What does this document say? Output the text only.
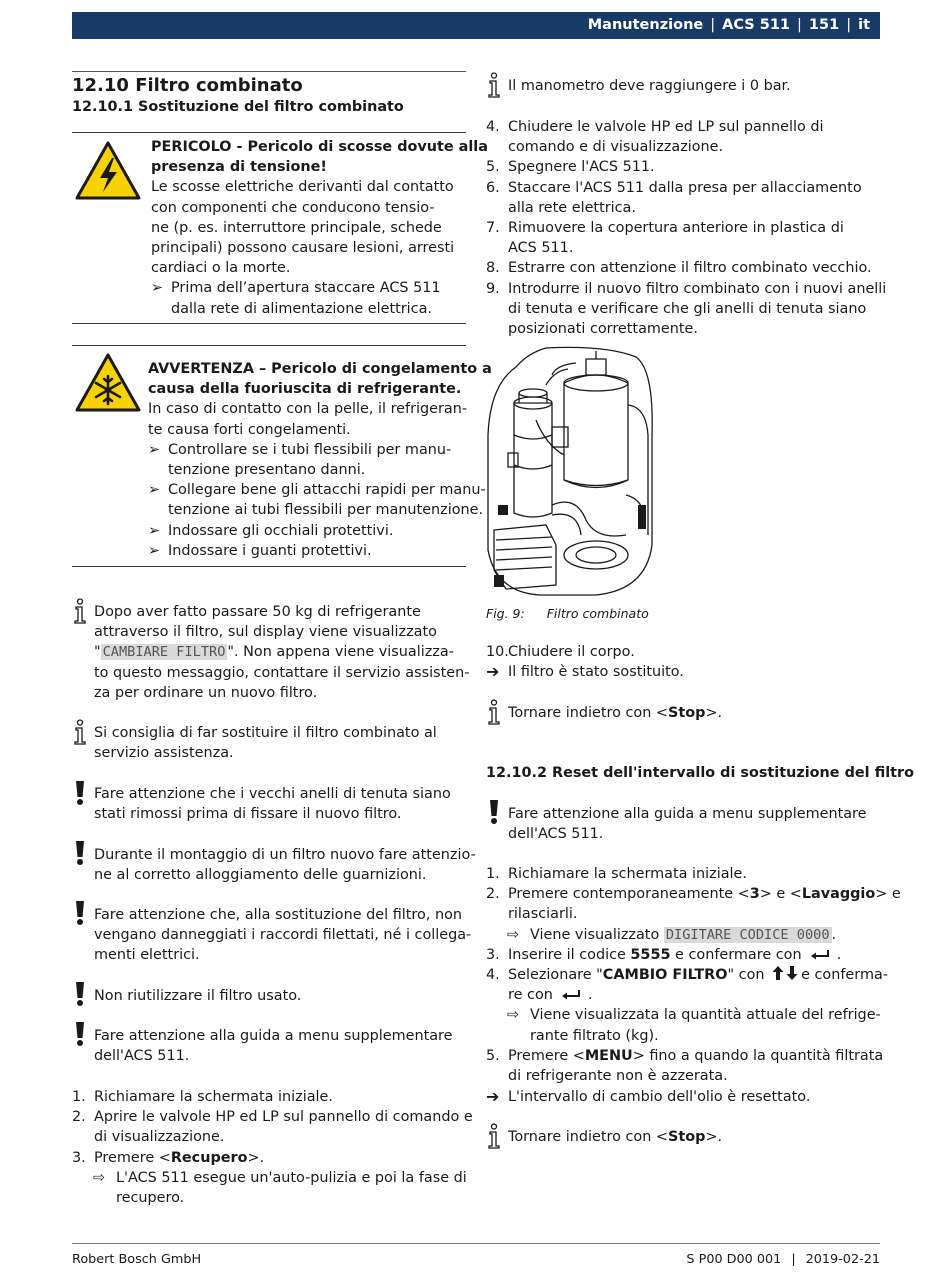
Manutenzione | ACS 511 | 151 | it
12.10 Filtro combinato
12.10.1 Sostituzione del filtro combinato
PERICOLO - Pericolo di scosse dovute alla
presenza di tensione!
Le scosse elettriche derivanti dal contatto
con componenti che conducono tensio-
ne (p. es. interruttore principale, schede
principali) possono causare lesioni, arresti
cardiaci o la morte.
➢ Prima dell’apertura staccare ACS 511
dalla rete di alimentazione elettrica.
AVVERTENZA – Pericolo di congelamento a
causa della fuoriuscita di refrigerante.
In caso di contatto con la pelle, il refrigeran-
te causa forti congelamenti.
➢ Controllare se i tubi flessibili per manu-
tenzione presentano danni.
➢ Collegare bene gli attacchi rapidi per manu-
tenzione ai tubi flessibili per manutenzione.
➢ Indossare gli occhiali protettivi.
➢ Indossare i guanti protettivi.
Dopo aver fatto passare 50 kg di refrigerante
attraverso il filtro, sul display viene visualizzato
" CAMBIARE FILTRO ". Non appena viene visualizza-
to questo messaggio, contattare il servizio assisten-
za per ordinare un nuovo filtro.
Si consiglia di far sostituire il filtro combinato al
servizio assistenza.
Fare attenzione che i vecchi anelli di tenuta siano
stati rimossi prima di fissare il nuovo filtro.
Durante il montaggio di un filtro nuovo fare attenzio-
ne al corretto alloggiamento delle guarnizioni.
Fare attenzione che, alla sostituzione del filtro, non
vengano danneggiati i raccordi filettati, né i collega-
menti elettrici.
Non riutilizzare il filtro usato.
Fare attenzione alla guida a menu supplementare
dell'ACS 511.
1. Richiamare la schermata iniziale.
2. Aprire le valvole HP ed LP sul pannello di comando e
di visualizzazione.
3. Premere <Recupero>.
⇨ L'ACS 511 esegue un'auto-pulizia e poi la fase di
recupero.
Il manometro deve raggiungere i 0 bar.
4. Chiudere le valvole HP ed LP sul pannello di
comando e di visualizzazione.
5. Spegnere l'ACS 511.
6. Staccare l'ACS 511 dalla presa per allacciamento
alla rete elettrica.
7. Rimuovere la copertura anteriore in plastica di
ACS 511.
8. Estrarre con attenzione il filtro combinato vecchio.
9. Introdurre il nuovo filtro combinato con i nuovi anelli
di tenuta e verificare che gli anelli di tenuta siano
posizionati correttamente.
Fig. 9: Filtro combinato
10. Chiudere il corpo.
➔ Il filtro è stato sostituito.
Tornare indietro con <Stop>.
12.10.2 Reset dell'intervallo di sostituzione del filtro
Fare attenzione alla guida a menu supplementare
dell'ACS 511.
1. Richiamare la schermata iniziale.
2. Premere contemporaneamente <3> e <Lavaggio> e
rilasciarli.
⇨ Viene visualizzato DIGITARE CODICE 0000 .
3. Inserire il codice 5555 e confermare con  .
4. Selezionare "CAMBIO FILTRO" con	e conferma-
re con  .
⇨ Viene visualizzata la quantità attuale del refrige-
rante filtrato (kg).
5. Premere <MENU> fino a quando la quantità filtrata
di refrigerante non è azzerata.
➔ L'intervallo di cambio dell'olio è resettato.
Tornare indietro con <Stop>.
Robert Bosch GmbH	S P00 D00 001 | 2019-02-21
